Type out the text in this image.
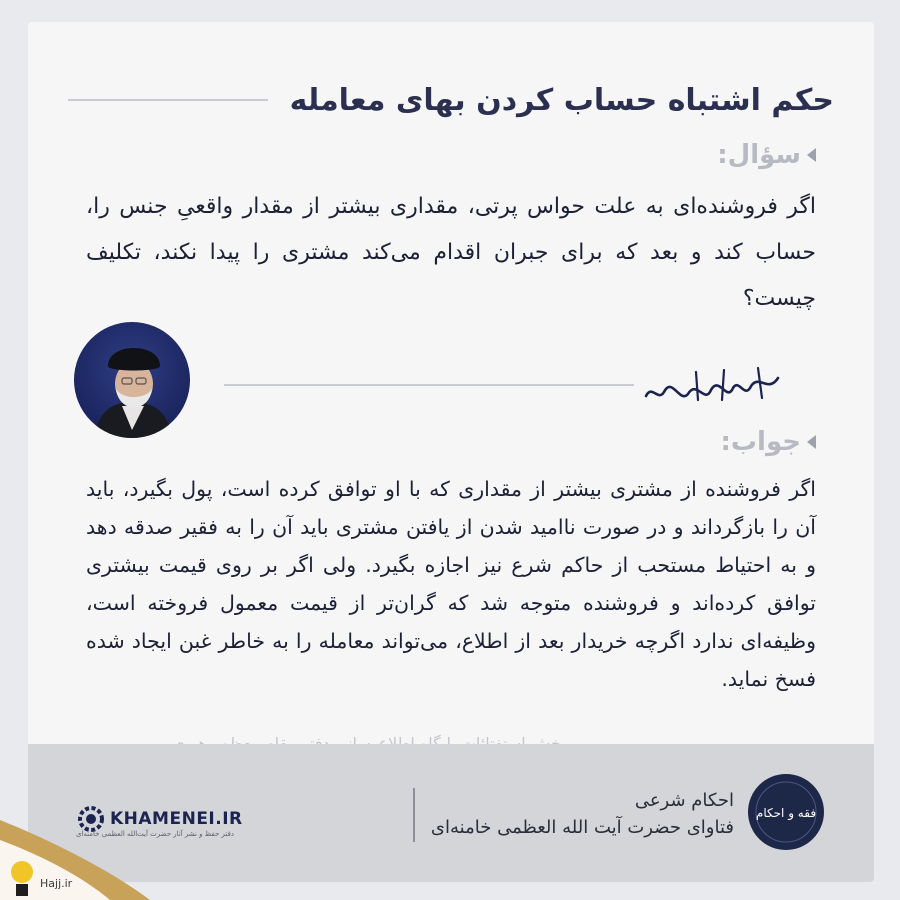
حکم اشتباه حساب کردن بهای معامله
سؤال:
اگر فروشنده‌ای به علت حواس پرتی، مقداری بیشتر از مقدار واقعیِ جنس را، حساب کند و بعد که برای جبران اقدام می‌کند مشتری را پیدا نکند، تکلیف چیست؟
جواب:
اگر فروشنده از مشتری بیشتر از مقداری که با او توافق کرده است، پول بگیرد، باید آن را بازگرداند و در صورت ناامید شدن از یافتن مشتری باید آن را به فقیر صدقه دهد و به احتیاط مستحب از حاکم شرع نیز اجازه بگیرد. ولی اگر بر روی قیمت بیشتری توافق کرده‌اند و فروشنده متوجه شد که گران‌تر از قیمت معمول فروخته است، وظیفه‌ای ندارد اگرچه خریدار بعد از اطلاع، می‌تواند معامله را به خاطر غبن ایجاد شده فسخ نماید.
فقه و احکام
احکام شرعی
فتاوای حضرت آیت الله العظمی خامنه‌ای
KHAMENEI.IR
دفتر حفظ و نشر آثار حضرت آیت‌الله العظمی خامنه‌ای
Hajj.ir
